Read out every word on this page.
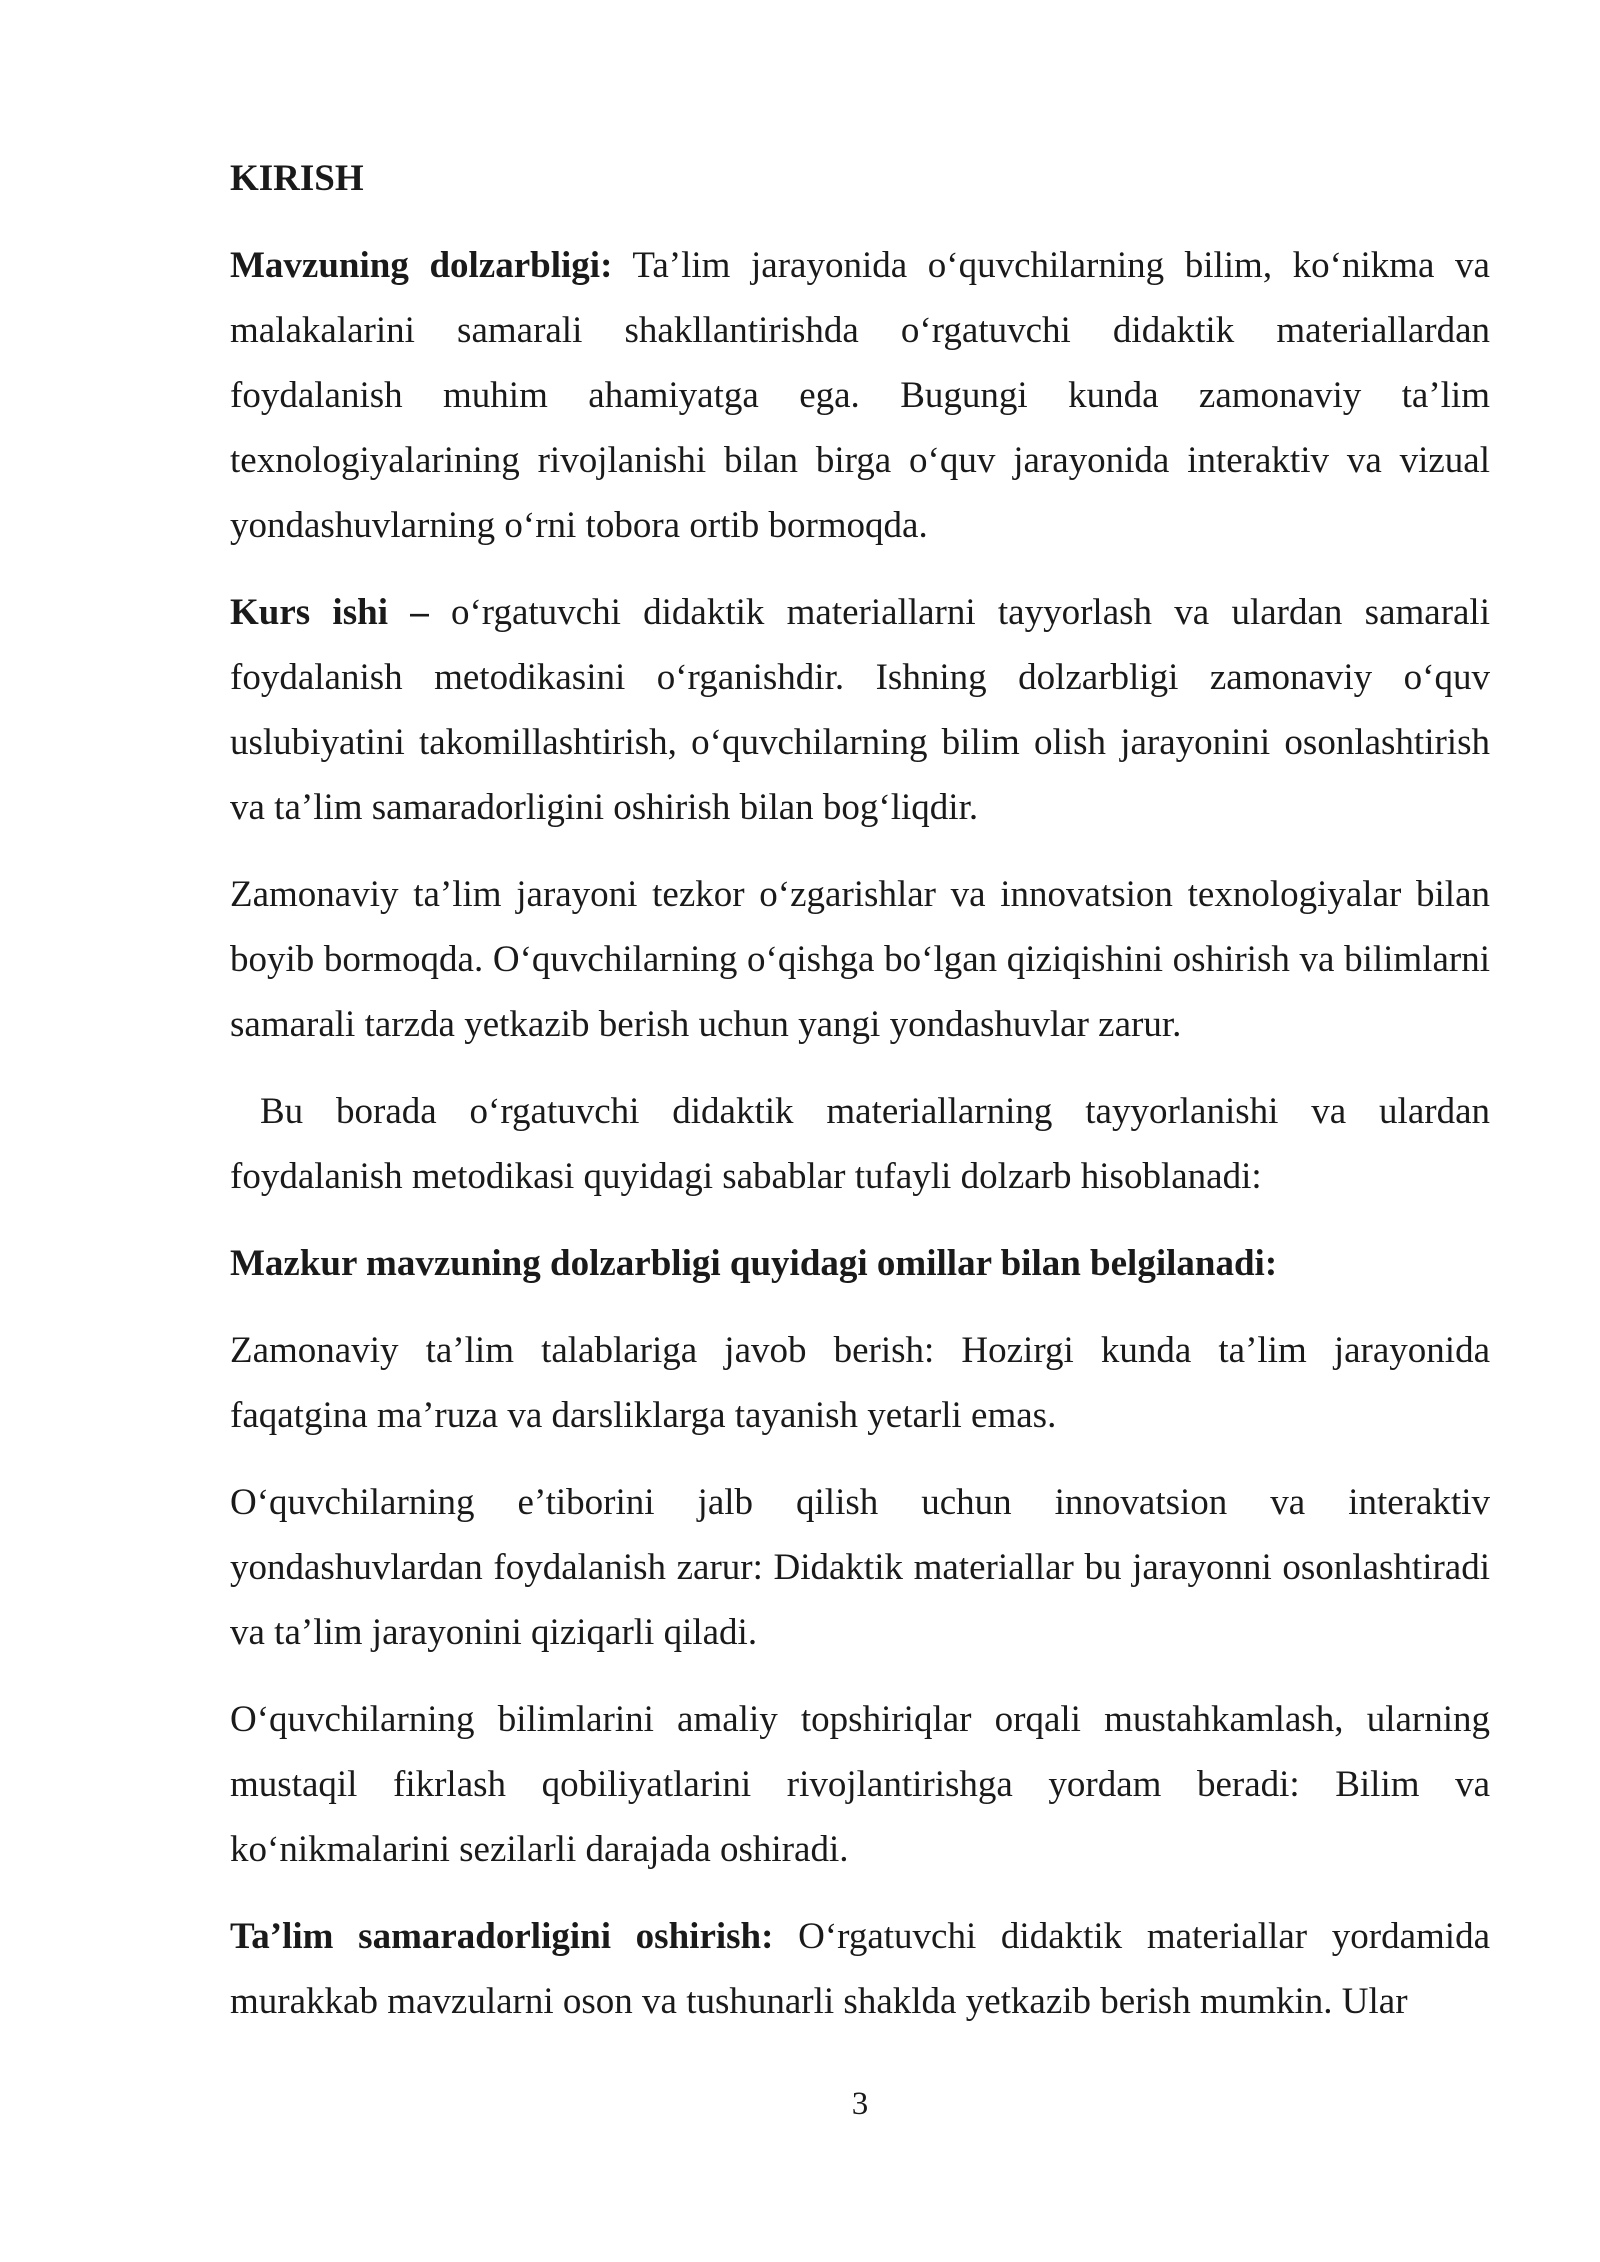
KIRISH

Mavzuning dolzarbligi: Ta’lim jarayonida o‘quvchilarning bilim, ko‘nikma va malakalarini samarali shakllantirishda o‘rgatuvchi didaktik materiallardan foydalanish muhim ahamiyatga ega. Bugungi kunda zamonaviy ta’lim texnologiyalarining rivojlanishi bilan birga o‘quv jarayonida interaktiv va vizual yondashuvlarning o‘rni tobora ortib bormoqda.

Kurs ishi – o‘rgatuvchi didaktik materiallarni tayyorlash va ulardan samarali foydalanish metodikasini o‘rganishdir. Ishning dolzarbligi zamonaviy o‘quv uslubiyatini takomillashtirish, o‘quvchilarning bilim olish jarayonini osonlashtirish va ta’lim samaradorligini oshirish bilan bog‘liqdir.

Zamonaviy ta’lim jarayoni tezkor o‘zgarishlar va innovatsion texnologiyalar bilan boyib bormoqda. O‘quvchilarning o‘qishga bo‘lgan qiziqishini oshirish va bilimlarni samarali tarzda yetkazib berish uchun yangi yondashuvlar zarur.

Bu borada o‘rgatuvchi didaktik materiallarning tayyorlanishi va ulardan foydalanish metodikasi quyidagi sabablar tufayli dolzarb hisoblanadi:

Mazkur mavzuning dolzarbligi quyidagi omillar bilan belgilanadi:

Zamonaviy ta’lim talablariga javob berish: Hozirgi kunda ta’lim jarayonida faqatgina ma’ruza va darsliklarga tayanish yetarli emas.

O‘quvchilarning e’tiborini jalb qilish uchun innovatsion va interaktiv yondashuvlardan foydalanish zarur: Didaktik materiallar bu jarayonni osonlashtiradi va ta’lim jarayonini qiziqarli qiladi.

O‘quvchilarning bilimlarini amaliy topshiriqlar orqali mustahkamlash, ularning mustaqil fikrlash qobiliyatlarini rivojlantirishga yordam beradi: Bilim va ko‘nikmalarini sezilarli darajada oshiradi.

Ta’lim samaradorligini oshirish: O‘rgatuvchi didaktik materiallar yordamida murakkab mavzularni oson va tushunarli shaklda yetkazib berish mumkin. Ular

3
